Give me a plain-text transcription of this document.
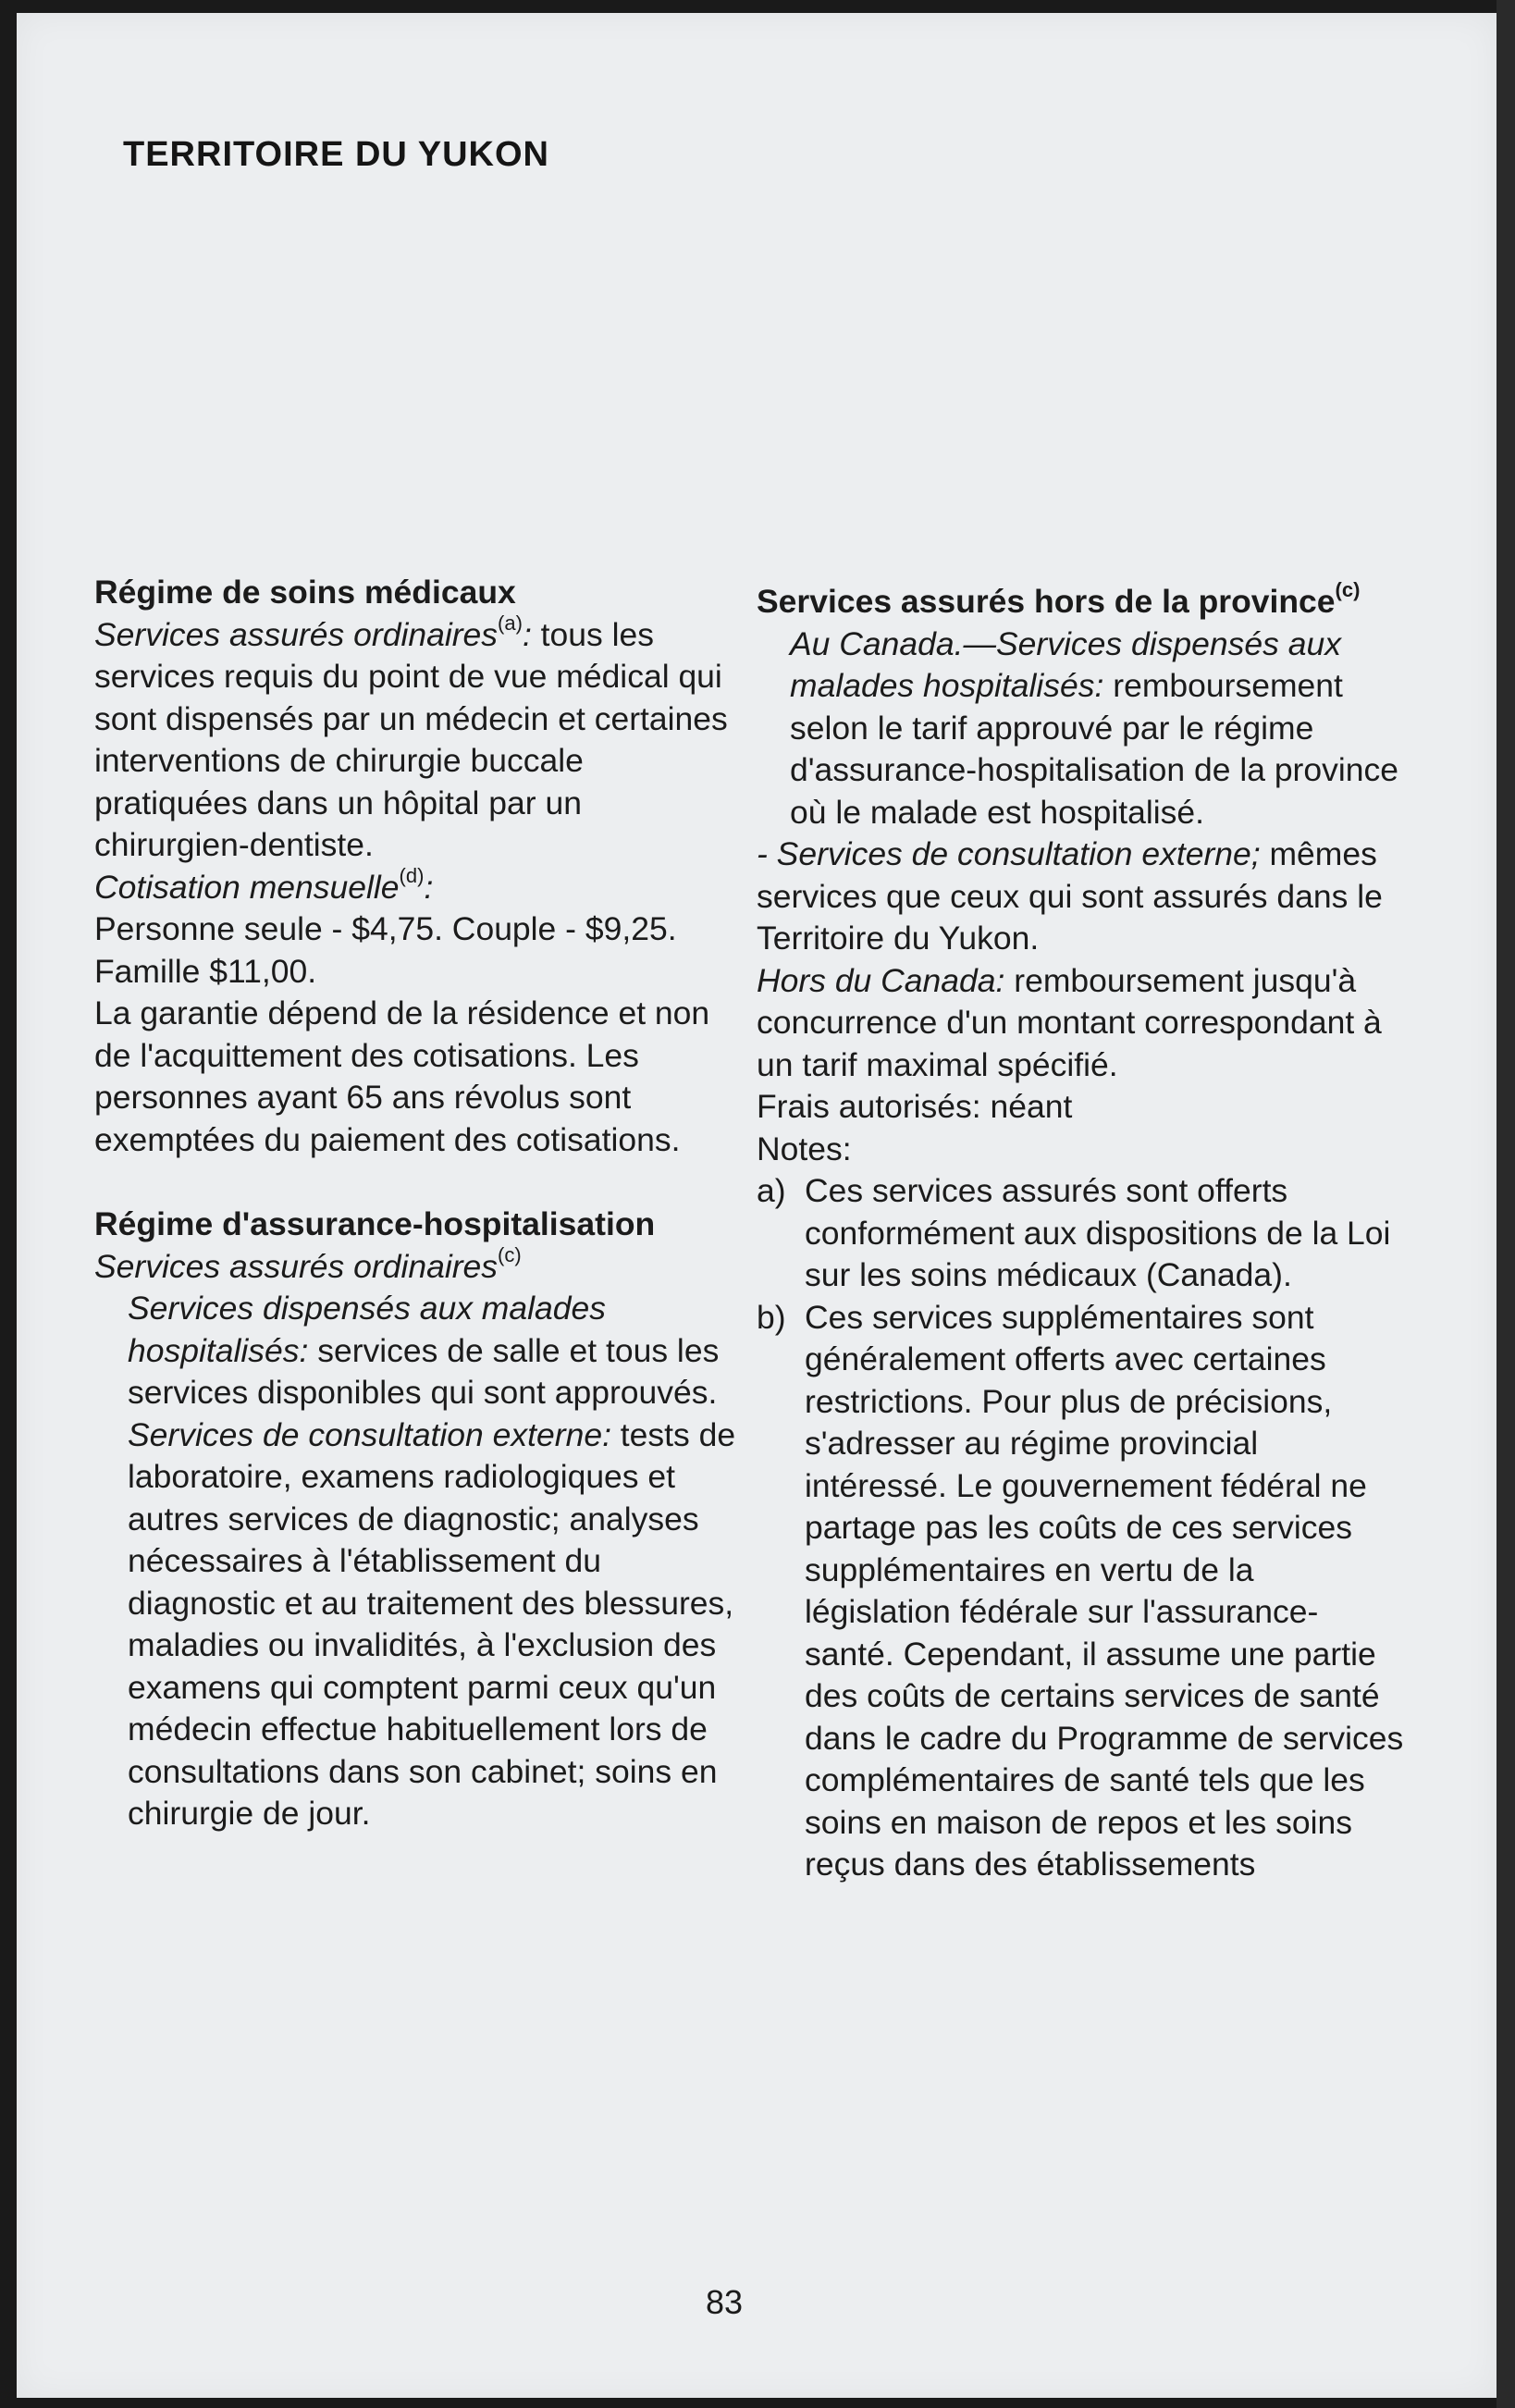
TERRITOIRE DU YUKON

Régime de soins médicaux

Services assurés ordinaires$^{(a)}$: tous les services requis du point de vue médical qui sont dispensés par un médecin et certaines interventions de chirurgie buccale pratiquées dans un hôpital par un chirurgien-dentiste.

Cotisation mensuelle$^{(d)}$:

Personne seule - $4,75. Couple - $9,25. Famille $11,00.

La garantie dépend de la résidence et non de l'acquittement des cotisations. Les personnes ayant 65 ans révolus sont exemptées du paiement des cotisations.

Régime d'assurance-hospitalisation

Services assurés ordinaires$^{(c)}$

Services dispensés aux malades hospitalisés: services de salle et tous les services disponibles qui sont approuvés.

Services de consultation externe: tests de laboratoire, examens radiologiques et autres services de diagnostic; analyses nécessaires à l'établissement du diagnostic et au traitement des blessures, maladies ou invalidités, à l'exclusion des examens qui comptent parmi ceux qu'un médecin effectue habituellement lors de consultations dans son cabinet; soins en chirurgie de jour.

Services assurés hors de la province$^{(c)}$

Au Canada.—Services dispensés aux malades hospitalisés: remboursement selon le tarif approuvé par le régime d'assurance-hospitalisation de la province où le malade est hospitalisé.

- Services de consultation externe; mêmes services que ceux qui sont assurés dans le Territoire du Yukon.

Hors du Canada: remboursement jusqu'à concurrence d'un montant correspondant à un tarif maximal spécifié.

Frais autorisés: néant

Notes:

a) Ces services assurés sont offerts conformément aux dispositions de la Loi sur les soins médicaux (Canada).
b) Ces services supplémentaires sont généralement offerts avec certaines restrictions. Pour plus de précisions, s'adresser au régime provincial intéressé. Le gouvernement fédéral ne partage pas les coûts de ces services supplémentaires en vertu de la législation fédérale sur l'assurance-santé. Cependant, il assume une partie des coûts de certains services de santé dans le cadre du Programme de services complémentaires de santé tels que les soins en maison de repos et les soins reçus dans des établissements
83
